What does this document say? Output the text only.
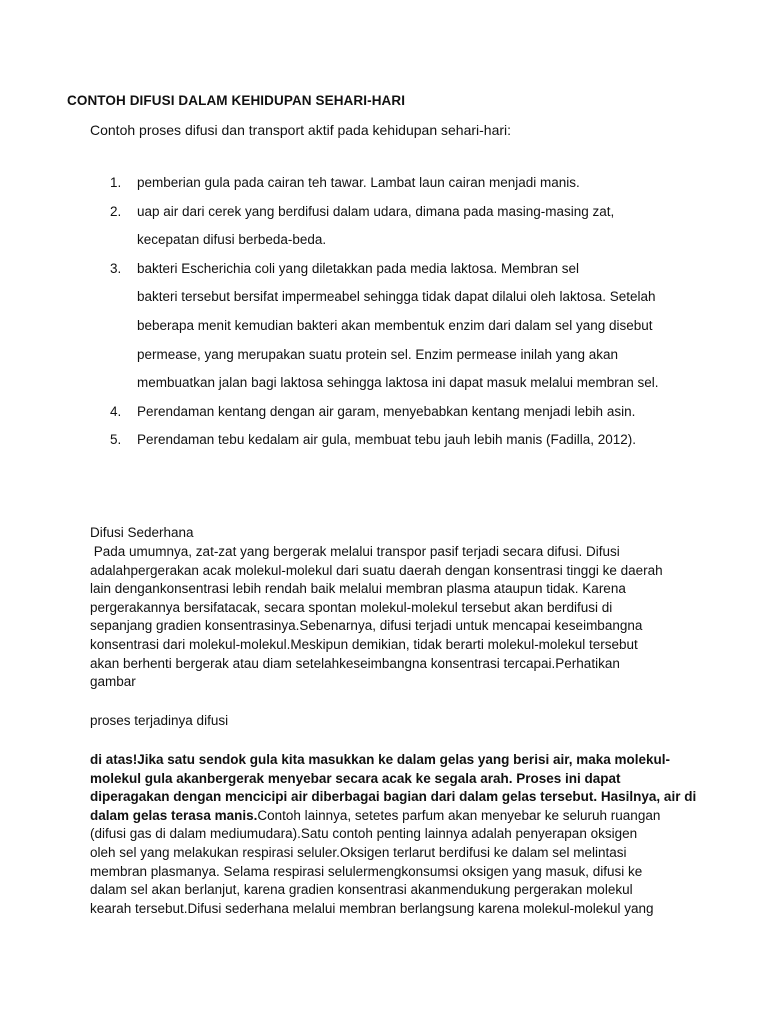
CONTOH DIFUSI DALAM KEHIDUPAN SEHARI-HARI
Contoh proses difusi dan transport aktif pada kehidupan sehari-hari:
1. pemberian gula pada cairan teh tawar. Lambat laun cairan menjadi manis.
2. uap air dari cerek yang berdifusi dalam udara, dimana pada masing-masing zat,
kecepatan difusi berbeda-beda.
3. bakteri Escherichia coli yang diletakkan pada media laktosa. Membran sel
bakteri tersebut bersifat impermeabel sehingga tidak dapat dilalui oleh laktosa. Setelah
beberapa menit kemudian bakteri akan membentuk enzim dari dalam sel yang disebut
permease, yang merupakan suatu protein sel. Enzim permease inilah yang akan
membuatkan jalan bagi laktosa sehingga laktosa ini dapat masuk melalui membran sel.
4. Perendaman kentang dengan air garam, menyebabkan kentang menjadi lebih asin.
5. Perendaman tebu kedalam air gula, membuat tebu jauh lebih manis (Fadilla, 2012).
Difusi Sederhana
Pada umumnya, zat-zat yang bergerak melalui transpor pasif terjadi secara difusi. Difusi
adalahpergerakan acak molekul-molekul dari suatu daerah dengan konsentrasi tinggi ke daerah
lain dengankonsentrasi lebih rendah baik melalui membran plasma ataupun tidak. Karena
pergerakannya bersifatacak, secara spontan molekul-molekul tersebut akan berdifusi di
sepanjang gradien konsentrasinya.Sebenarnya, difusi terjadi untuk mencapai keseimbangna
konsentrasi dari molekul-molekul.Meskipun demikian, tidak berarti molekul-molekul tersebut
akan berhenti bergerak atau diam setelahkeseimbangna konsentrasi tercapai.Perhatikan
gambar
proses terjadinya difusi
di atas!Jika satu sendok gula kita masukkan ke dalam gelas yang berisi air, maka molekul-
molekul gula akanbergerak menyebar secara acak ke segala arah. Proses ini dapat
diperagakan dengan mencicipi air diberbagai bagian dari dalam gelas tersebut. Hasilnya, air di
dalam gelas terasa manis.Contoh lainnya, setetes parfum akan menyebar ke seluruh ruangan
(difusi gas di dalam mediumudara).Satu contoh penting lainnya adalah penyerapan oksigen
oleh sel yang melakukan respirasi seluler.Oksigen terlarut berdifusi ke dalam sel melintasi
membran plasmanya. Selama respirasi selulermengkonsumsi oksigen yang masuk, difusi ke
dalam sel akan berlanjut, karena gradien konsentrasi akanmendukung pergerakan molekul
kearah tersebut.Difusi sederhana melalui membran berlangsung karena molekul-molekul yang
